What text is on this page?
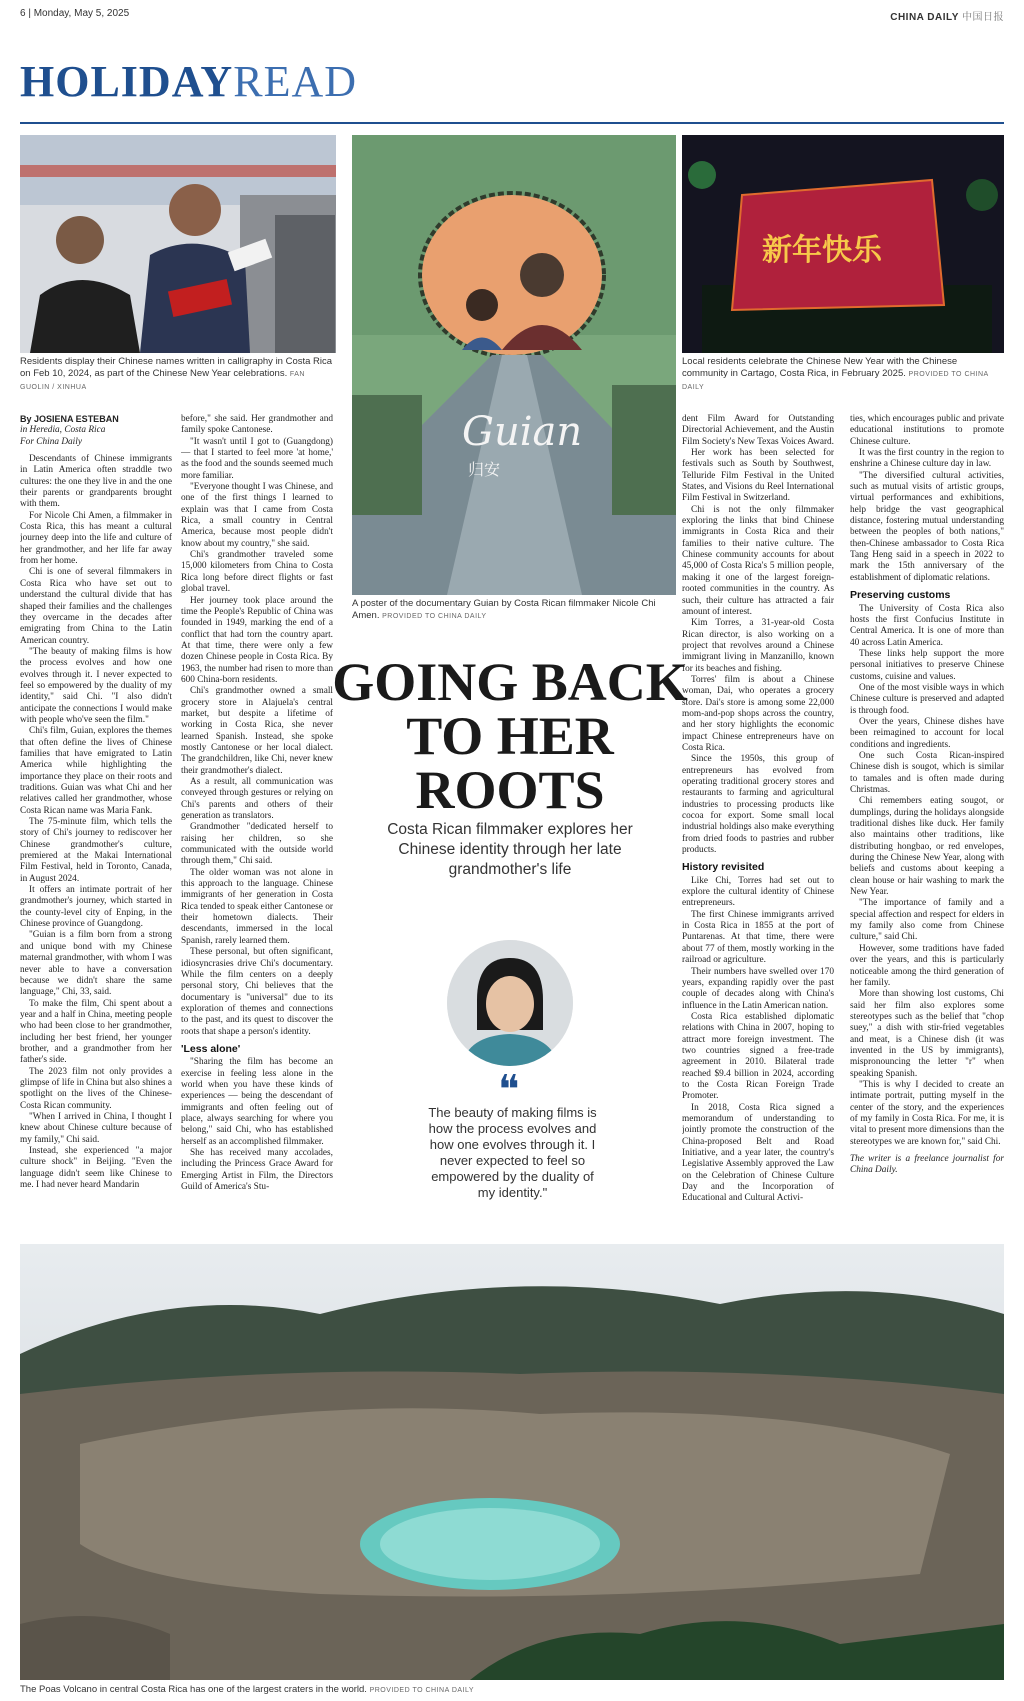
6 | Monday, May 5, 2025	CHINA DAILY 中国日报
HOLIDAYREAD
Residents display their Chinese names written in calligraphy in Costa Rica on Feb 10, 2024, as part of the Chinese New Year celebrations. FAN GUOLIN / XINHUA
Guian
归安
A poster of the documentary Guian by Costa Rican filmmaker Nicole Chi Amen. PROVIDED TO CHINA DAILY
新年快乐
Local residents celebrate the Chinese New Year with the Chinese community in Cartago, Costa Rica, in February 2025. PROVIDED TO CHINA DAILY

By JOSIENA ESTEBAN

in Heredia, Costa Rica

For China Daily

Descendants of Chinese immigrants in Latin America often straddle two cultures: the one they live in and the one their parents or grandparents brought with them.

For Nicole Chi Amen, a filmmaker in Costa Rica, this has meant a cultural journey deep into the life and culture of her grandmother, and her life far away from her home.

Chi is one of several filmmakers in Costa Rica who have set out to understand the cultural divide that has shaped their families and the challenges they overcame in the decades after emigrating from China to the Latin American country.

"The beauty of making films is how the process evolves and how one evolves through it. I never expected to feel so empowered by the duality of my identity," said Chi. "I also didn't anticipate the connections I would make with people who've seen the film."

Chi's film, Guian, explores the themes that often define the lives of Chinese families that have emigrated to Latin America while highlighting the importance they place on their roots and traditions. Guian was what Chi and her relatives called her grandmother, whose Costa Rican name was Maria Fank.

The 75-minute film, which tells the story of Chi's journey to rediscover her Chinese grandmother's culture, premiered at the Makai International Film Festival, held in Toronto, Canada, in August 2024.

It offers an intimate portrait of her grandmother's journey, which started in the county-level city of Enping, in the Chinese province of Guangdong.

"Guian is a film born from a strong and unique bond with my Chinese maternal grandmother, with whom I was never able to have a conversation because we didn't share the same language," Chi, 33, said.

To make the film, Chi spent about a year and a half in China, meeting people who had been close to her grandmother, including her best friend, her younger brother, and a grandmother from her father's side.

The 2023 film not only provides a glimpse of life in China but also shines a spotlight on the lives of the Chinese-Costa Rican community.

"When I arrived in China, I thought I knew about Chinese culture because of my family," Chi said.

Instead, she experienced "a major culture shock" in Beijing. "Even the language didn't seem like Chinese to me. I had never heard Mandarin

before," she said. Her grandmother and family spoke Cantonese.

"It wasn't until I got to (Guangdong) — that I started to feel more 'at home,' as the food and the sounds seemed much more familiar.

"Everyone thought I was Chinese, and one of the first things I learned to explain was that I came from Costa Rica, a small country in Central America, because most people didn't know about my country," she said.

Chi's grandmother traveled some 15,000 kilometers from China to Costa Rica long before direct flights or fast global travel.

Her journey took place around the time the People's Republic of China was founded in 1949, marking the end of a conflict that had torn the country apart. At that time, there were only a few dozen Chinese people in Costa Rica. By 1963, the number had risen to more than 600 China-born residents.

Chi's grandmother owned a small grocery store in Alajuela's central market, but despite a lifetime of working in Costa Rica, she never learned Spanish. Instead, she spoke mostly Cantonese or her local dialect. The grandchildren, like Chi, never knew their grandmother's dialect.

As a result, all communication was conveyed through gestures or relying on Chi's parents and others of their generation as translators.

Grandmother "dedicated herself to raising her children, so she communicated with the outside world through them," Chi said.

The older woman was not alone in this approach to the language. Chinese immigrants of her generation in Costa Rica tended to speak either Cantonese or their hometown dialects. Their descendants, immersed in the local Spanish, rarely learned them.

These personal, but often significant, idiosyncrasies drive Chi's documentary. While the film centers on a deeply personal story, Chi believes that the documentary is "universal" due to its exploration of themes and connections to the past, and its quest to discover the roots that shape a person's identity.

'Less alone'

"Sharing the film has become an exercise in feeling less alone in the world when you have these kinds of experiences — being the descendant of immigrants and often feeling out of place, always searching for where you belong," said Chi, who has established herself as an accomplished filmmaker.

She has received many accolades, including the Princess Grace Award for Emerging Artist in Film, the Directors Guild of America's Stu-

GOING BACK TO HER ROOTS
Costa Rican filmmaker explores her Chinese identity through her late grandmother's life
❝
The beauty of making films is how the process evolves and how one evolves through it. I never expected to feel so empowered by the duality of my identity."

dent Film Award for Outstanding Directorial Achievement, and the Austin Film Society's New Texas Voices Award.

Her work has been selected for festivals such as South by Southwest, Telluride Film Festival in the United States, and Visions du Reel International Film Festival in Switzerland.

Chi is not the only filmmaker exploring the links that bind Chinese immigrants in Costa Rica and their families to their native culture. The Chinese community accounts for about 45,000 of Costa Rica's 5 million people, making it one of the largest foreign-rooted communities in the country. As such, their culture has attracted a fair amount of interest.

Kim Torres, a 31-year-old Costa Rican director, is also working on a project that revolves around a Chinese immigrant living in Manzanillo, known for its beaches and fishing.

Torres' film is about a Chinese woman, Dai, who operates a grocery store. Dai's store is among some 22,000 mom-and-pop shops across the country, and her story highlights the economic impact Chinese entrepreneurs have on Costa Rica.

Since the 1950s, this group of entrepreneurs has evolved from operating traditional grocery stores and restaurants to farming and agricultural industries to processing products like cocoa for export. Some small local industrial holdings also make everything from dried foods to pastries and rubber products.

History revisited

Like Chi, Torres had set out to explore the cultural identity of Chinese entrepreneurs.

The first Chinese immigrants arrived in Costa Rica in 1855 at the port of Puntarenas. At that time, there were about 77 of them, mostly working in the railroad or agriculture.

Their numbers have swelled over 170 years, expanding rapidly over the past couple of decades along with China's influence in the Latin American nation.

Costa Rica established diplomatic relations with China in 2007, hoping to attract more foreign investment. The two countries signed a free-trade agreement in 2010. Bilateral trade reached $9.4 billion in 2024, according to the Costa Rican Foreign Trade Promoter.

In 2018, Costa Rica signed a memorandum of understanding to jointly promote the construction of the China-proposed Belt and Road Initiative, and a year later, the country's Legislative Assembly approved the Law on the Celebration of Chinese Culture Day and the Incorporation of Educational and Cultural Activi-

ties, which encourages public and private educational institutions to promote Chinese culture.

It was the first country in the region to enshrine a Chinese culture day in law.

"The diversified cultural activities, such as mutual visits of artistic groups, virtual performances and exhibitions, help bridge the vast geographical distance, fostering mutual understanding between the peoples of both nations," then-Chinese ambassador to Costa Rica Tang Heng said in a speech in 2022 to mark the 15th anniversary of the establishment of diplomatic relations.

Preserving customs

The University of Costa Rica also hosts the first Confucius Institute in Central America. It is one of more than 40 across Latin America.

These links help support the more personal initiatives to preserve Chinese customs, cuisine and values.

One of the most visible ways in which Chinese culture is preserved and adapted is through food.

Over the years, Chinese dishes have been reimagined to account for local conditions and ingredients.

One such Costa Rican-inspired Chinese dish is sougot, which is similar to tamales and is often made during Christmas.

Chi remembers eating sougot, or dumplings, during the holidays alongside traditional dishes like duck. Her family also maintains other traditions, like distributing hongbao, or red envelopes, during the Chinese New Year, along with beliefs and customs about keeping a clean house or hair washing to mark the New Year.

"The importance of family and a special affection and respect for elders in my family also come from Chinese culture," said Chi.

However, some traditions have faded over the years, and this is particularly noticeable among the third generation of her family.

More than showing lost customs, Chi said her film also explores some stereotypes such as the belief that "chop suey," a dish with stir-fried vegetables and meat, is a Chinese dish (it was invented in the US by immigrants), mispronouncing the letter "r" when speaking Spanish.

"This is why I decided to create an intimate portrait, putting myself in the center of the story, and the experiences of my family in Costa Rica. For me, it is vital to present more dimensions than the stereotypes we are known for," said Chi.

The writer is a freelance journalist for China Daily.

The Poas Volcano in central Costa Rica has one of the largest craters in the world. PROVIDED TO CHINA DAILY
